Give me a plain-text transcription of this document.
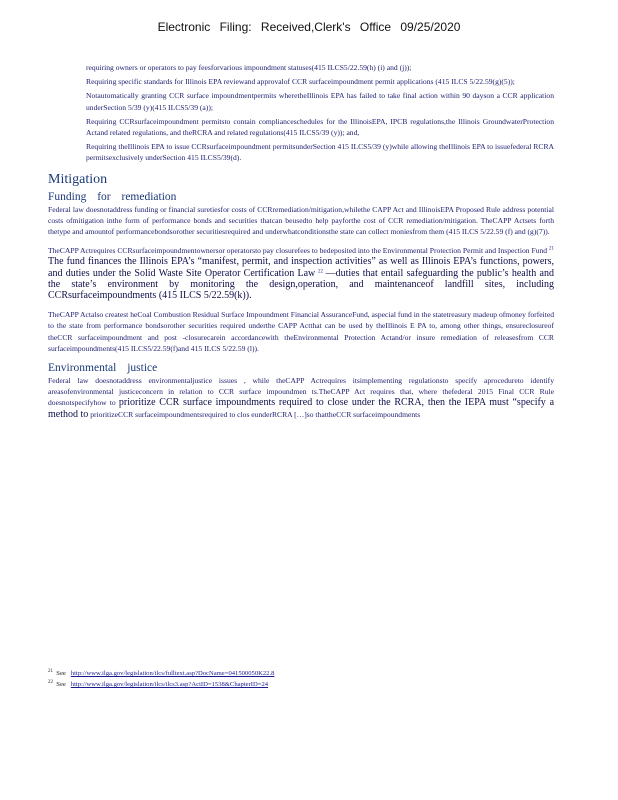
Electronic Filing: Received,Clerk's Office 09/25/2020
requiring owners or operators to pay feesforvarious impoundment statuses(415 ILCS5/22.59(h) (i) and (j));
Requiring specific standards for Illinois EPA reviewand approvalof CCR surfaceimpoundment permit applications (415 ILCS 5/22.59(g)(5));
Notautomatically granting CCR surface impoundmentpermits wheretheIllinois EPA has failed to take final action within 90 dayson a CCR application underSection 5/39 (y)(415 ILCS5/39 (a));
Requiring CCRsurfaceimpoundment permitsto contain complianceschedules for the IllinoisEPA, IPCB regulations,the Illinois GroundwaterProtection Actand related regulations, and theRCRA and related regulations(415 ILCS5/39 (y)); and,
Requiring theIllinois EPA to issue CCRsurfaceimpoundment permitsunderSection 415 ILCS5/39 (y)while allowing theIllinois EPA to issuefederal RCRA permitsexclusively underSection 415 ILCS5/39(d).
Mitigation
Funding for remediation

Federal law doesnotaddress funding or financial suretiesfor costs of CCRremediation/mitigation,whilethe CAPP Act and IllinoisEPA Proposed Rule address potential costs ofmitigation inthe form of performance bonds and securities thatcan beusedto help payforthe cost of CCR remediation/mitigation. TheCAPP Actsets forth thetype and amountof performancebondsorother securitiesrequired and underwhatconditionsthe state can collect moniesfrom them (415 ILCS 5/22.59 (f) and (g)(7)).

TheCAPP Actrequires CCRsurfaceimpoundmentownersor operatorsto pay closurefees to bedeposited into the Environmental Protection Permit and Inspection Fund $^{21}$ The fund finances the Illinois EPA’s “manifest, permit, and inspection activities” as well as Illinois EPA’s functions, powers, and duties under the Solid Waste Site Operator Certification Law $^{22}$ —duties that entail safeguarding the public’s health and the state’s environment by monitoring the design,operation, and maintenanceof landfill sites, including CCRsurfaceimpoundments (415 ILCS 5/22.59(k)).

TheCAPP Actalso createst heCoal Combustion Residual Surface Impoundment Financial AssuranceFund, aspecial fund in the statetreasury madeup ofmoney forfeited to the state from performance bondsorother securities required underthe CAPP Actthat can be used by theIllinois E PA to, among other things, ensureclosureof theCCR surfaceimpoundment and post -closurecarein accordancewith theEnvironmental Protection Actand/or insure remediation of releasesfrom CCR surfaceimpoundments(415 ILCS5/22.59(f)and 415 ILCS 5/22.59 (l)).

Environmental justice

Federal law doesnotaddress environmentaljustice issues , while theCAPP Actrequires itsimplementing regulationsto specify aprocedureto identify areasofenvironmental justiceconcern in relation to CCR surface impoundmen ts.TheCAPP Act requires that, where thefederal 2015 Final CCR Rule doesnotspecifyhow to prioritize CCR surface impoundments required to close under the RCRA, then the IEPA must “specify a method to prioritizeCCR surfaceimpoundmentsrequired to clos eunderRCRA […]so thattheCCR surfaceimpoundments

$^{21}$ See http://www.ilga.gov/legislation/ilcs/fulltext.asp?DocName=041500050K22.8
$^{22}$ See http://www.ilga.gov/legislation/ilcs/ilcs3.asp?ActID=1538&ChapterID=24
